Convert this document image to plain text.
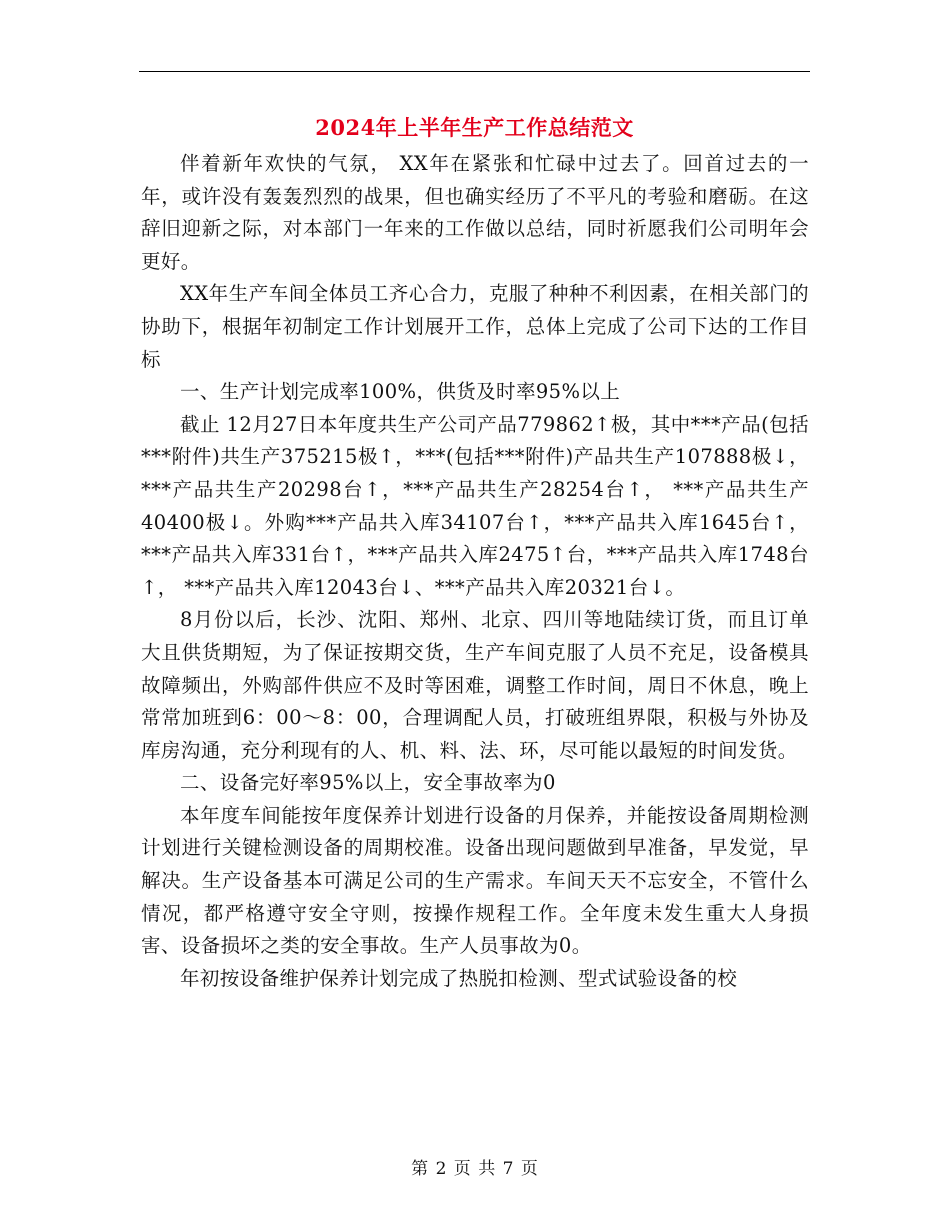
2024年上半年生产工作总结范文

伴着新年欢快的气氛， XX年在紧张和忙碌中过去了。回首过去的一年，或许没有轰轰烈烈的战果，但也确实经历了不平凡的考验和磨砺。在这辞旧迎新之际，对本部门一年来的工作做以总结，同时祈愿我们公司明年会更好。

XX年生产车间全体员工齐心合力，克服了种种不利因素，在相关部门的协助下，根据年初制定工作计划展开工作，总体上完成了公司下达的工作目标

一、生产计划完成率100%，供货及时率95%以上

截止 12月27日本年度共生产公司产品779862↑极，其中***产品(包括***附件)共生产375215极↑，***(包括***附件)产品共生产107888极↓， ***产品共生产20298台↑，***产品共生产28254台↑， ***产品共生产40400极↓。外购***产品共入库34107台↑，***产品共入库1645台↑，***产品共入库331台↑，***产品共入库2475↑台，***产品共入库1748台↑， ***产品共入库12043台↓、***产品共入库20321台↓。

8月份以后，长沙、沈阳、郑州、北京、四川等地陆续订货，而且订单大且供货期短，为了保证按期交货，生产车间克服了人员不充足，设备模具故障频出，外购部件供应不及时等困难，调整工作时间，周日不休息，晚上常常加班到6：00～8：00，合理调配人员，打破班组界限，积极与外协及库房沟通，充分利现有的人、机、料、法、环，尽可能以最短的时间发货。

二、设备完好率95%以上，安全事故率为0

本年度车间能按年度保养计划进行设备的月保养，并能按设备周期检测计划进行关键检测设备的周期校准。设备出现问题做到早准备，早发觉，早解决。生产设备基本可满足公司的生产需求。车间天天不忘安全，不管什么情况，都严格遵守安全守则，按操作规程工作。全年度未发生重大人身损害、设备损坏之类的安全事故。生产人员事故为0。

年初按设备维护保养计划完成了热脱扣检测、型式试验设备的校

第 2 页 共 7 页
